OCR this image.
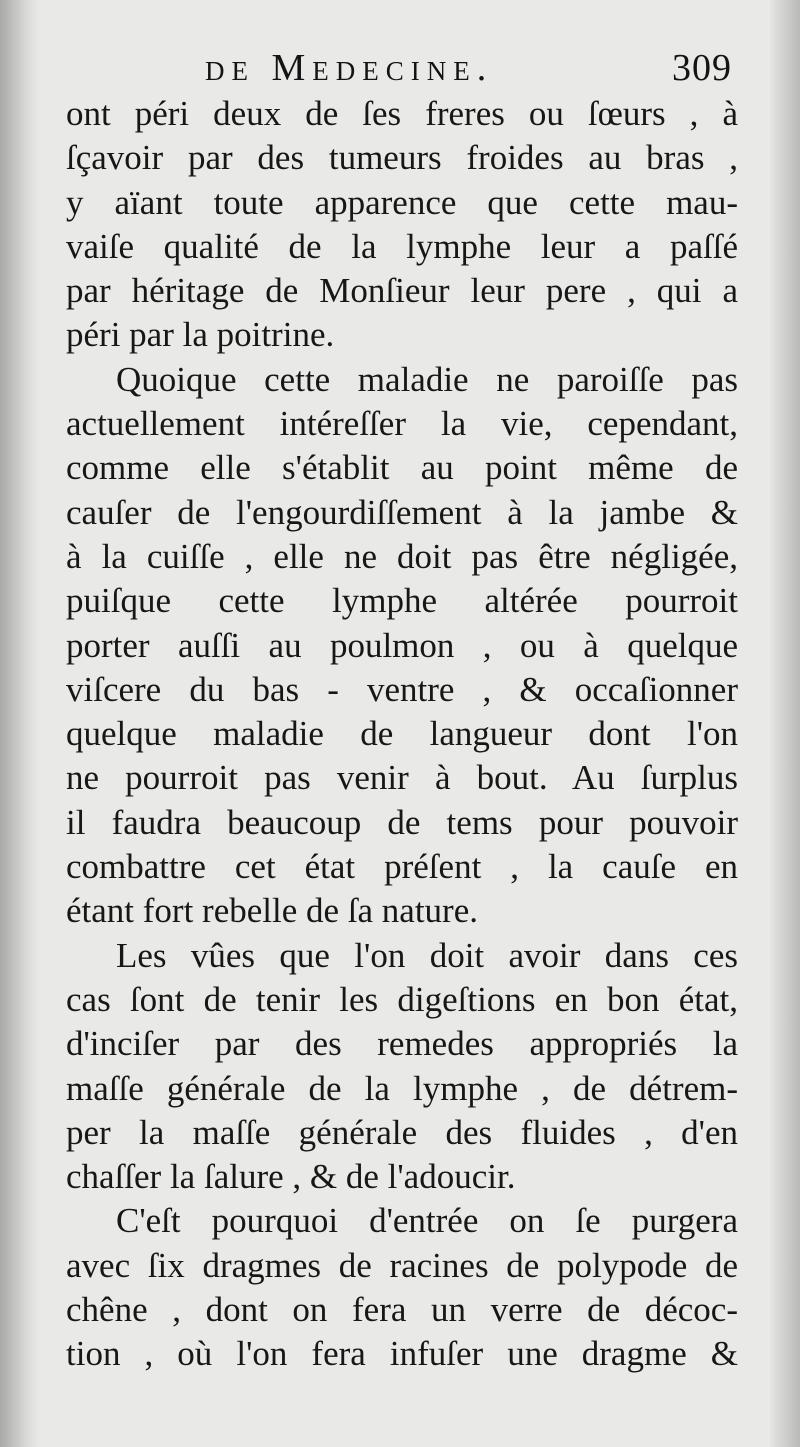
de Medecine.	309
ont péri deux de ſes freres ou ſœurs , à
ſçavoir par des tumeurs froides au bras ,
y aïant toute apparence que cette mau-
vaiſe qualité de la lymphe leur a paſſé
par héritage de Monſieur leur pere , qui a
péri par la poitrine.
Quoique cette maladie ne paroiſſe pas
actuellement intéreſſer la vie, cependant,
comme elle s'établit au point même de
cauſer de l'engourdiſſement à la jambe &
à la cuiſſe , elle ne doit pas être négligée,
puiſque cette lymphe altérée pourroit
porter auſſi au poulmon , ou à quelque
viſcere du bas - ventre , & occaſionner
quelque maladie de langueur dont l'on
ne pourroit pas venir à bout. Au ſurplus
il faudra beaucoup de tems pour pouvoir
combattre cet état préſent , la cauſe en
étant fort rebelle de ſa nature.
Les vûes que l'on doit avoir dans ces
cas ſont de tenir les digeſtions en bon état,
d'inciſer par des remedes appropriés la
maſſe générale de la lymphe , de détrem-
per la maſſe générale des fluides , d'en
chaſſer la ſalure , & de l'adoucir.
C'eſt pourquoi d'entrée on ſe purgera
avec ſix dragmes de racines de polypode de
chêne , dont on fera un verre de décoc-
tion , où l'on fera infuſer une dragme &
